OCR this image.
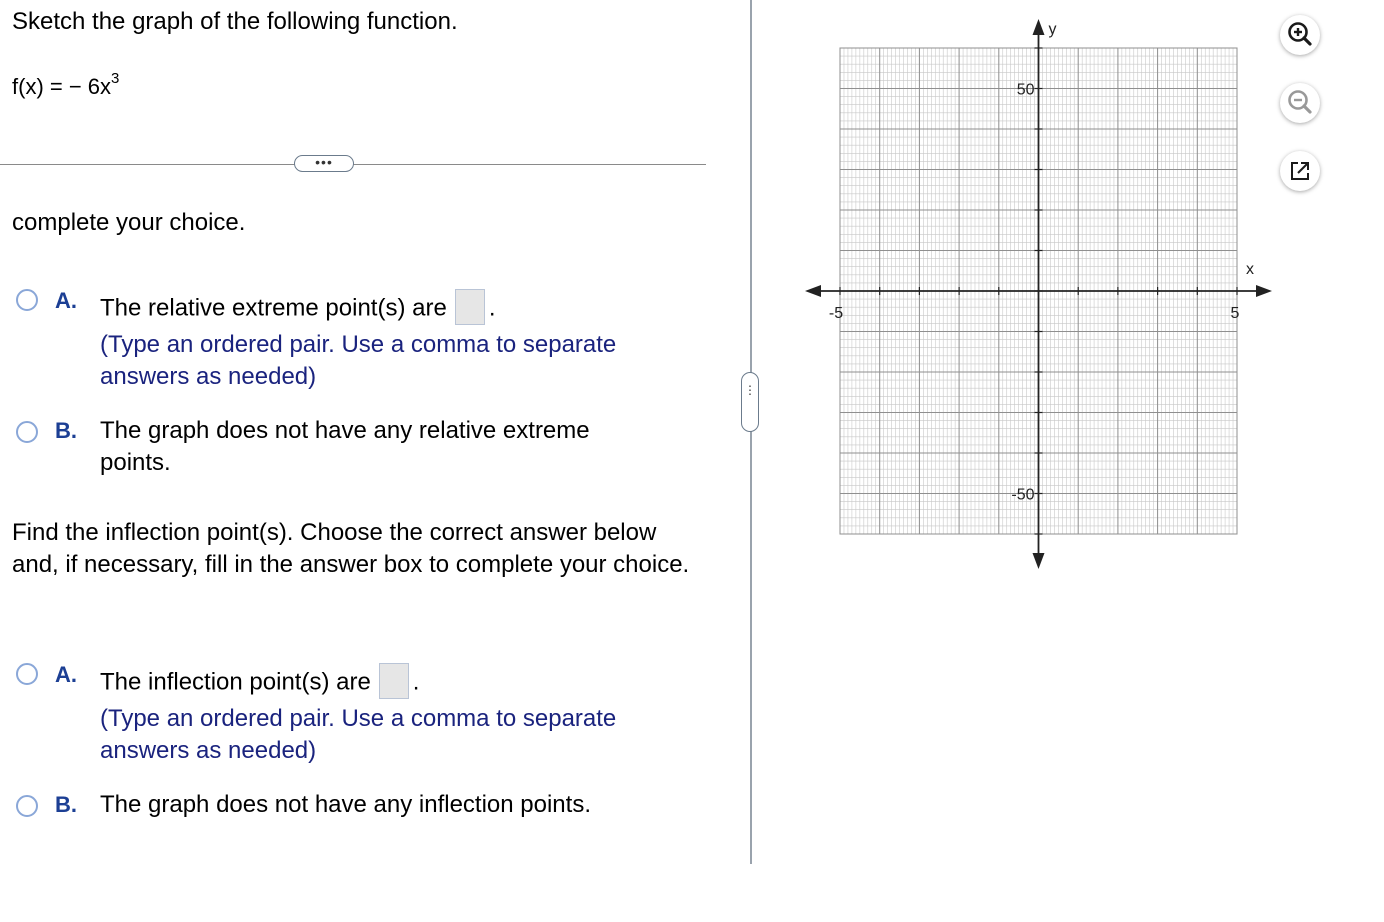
Sketch the graph of the following function.
f(x) = − $6x^3$
•••
complete your choice.
A. The relative extreme point(s) are .
(Type an ordered pair. Use a comma to separate answers as needed)
B. The graph does not have any relative extreme points.
Find the inflection point(s). Choose the correct answer below and, if necessary, fill in the answer box to complete your choice.
A. The inflection point(s) are .
(Type an ordered pair. Use a comma to separate answers as needed)
B. The graph does not have any inflection points.
⋮
-5	5
50
-50
x
y
